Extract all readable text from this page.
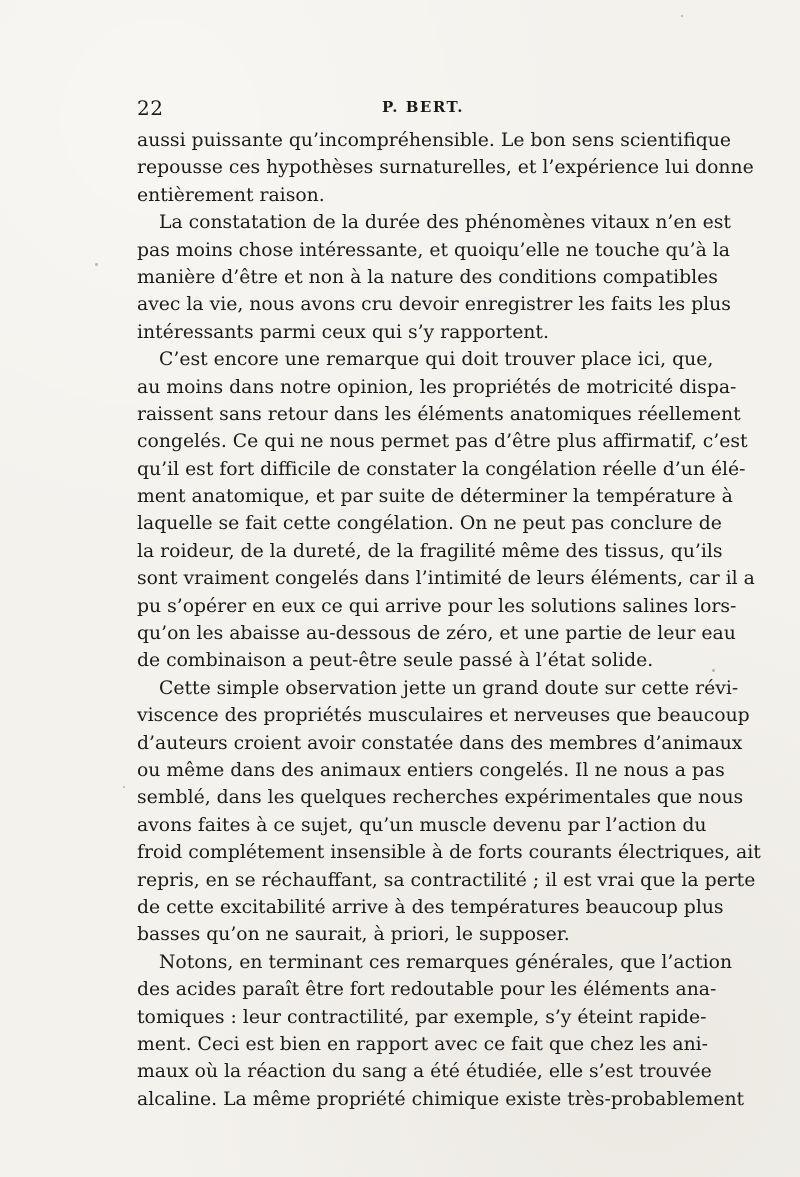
22	P. BERT.
aussi puissante qu’incompréhensible. Le bon sens scientifique
repousse ces hypothèses surnaturelles, et l’expérience lui donne
entièrement raison.
La constatation de la durée des phénomènes vitaux n’en est
pas moins chose intéressante, et quoiqu’elle ne touche qu’à la
manière d’être et non à la nature des conditions compatibles
avec la vie, nous avons cru devoir enregistrer les faits les plus
intéressants parmi ceux qui s’y rapportent.
C’est encore une remarque qui doit trouver place ici, que,
au moins dans notre opinion, les propriétés de motricité dispa-
raissent sans retour dans les éléments anatomiques réellement
congelés. Ce qui ne nous permet pas d’être plus affirmatif, c’est
qu’il est fort difficile de constater la congélation réelle d’un élé-
ment anatomique, et par suite de déterminer la température à
laquelle se fait cette congélation. On ne peut pas conclure de
la roideur, de la dureté, de la fragilité même des tissus, qu’ils
sont vraiment congelés dans l’intimité de leurs éléments, car il a
pu s’opérer en eux ce qui arrive pour les solutions salines lors-
qu’on les abaisse au-dessous de zéro, et une partie de leur eau
de combinaison a peut-être seule passé à l’état solide.
Cette simple observation jette un grand doute sur cette révi-
viscence des propriétés musculaires et nerveuses que beaucoup
d’auteurs croient avoir constatée dans des membres d’animaux
ou même dans des animaux entiers congelés. Il ne nous a pas
semblé, dans les quelques recherches expérimentales que nous
avons faites à ce sujet, qu’un muscle devenu par l’action du
froid complétement insensible à de forts courants électriques, ait
repris, en se réchauffant, sa contractilité ; il est vrai que la perte
de cette excitabilité arrive à des températures beaucoup plus
basses qu’on ne saurait, à priori, le supposer.
Notons, en terminant ces remarques générales, que l’action
des acides paraît être fort redoutable pour les éléments ana-
tomiques : leur contractilité, par exemple, s’y éteint rapide-
ment. Ceci est bien en rapport avec ce fait que chez les ani-
maux où la réaction du sang a été étudiée, elle s’est trouvée
alcaline. La même propriété chimique existe très-probablement
